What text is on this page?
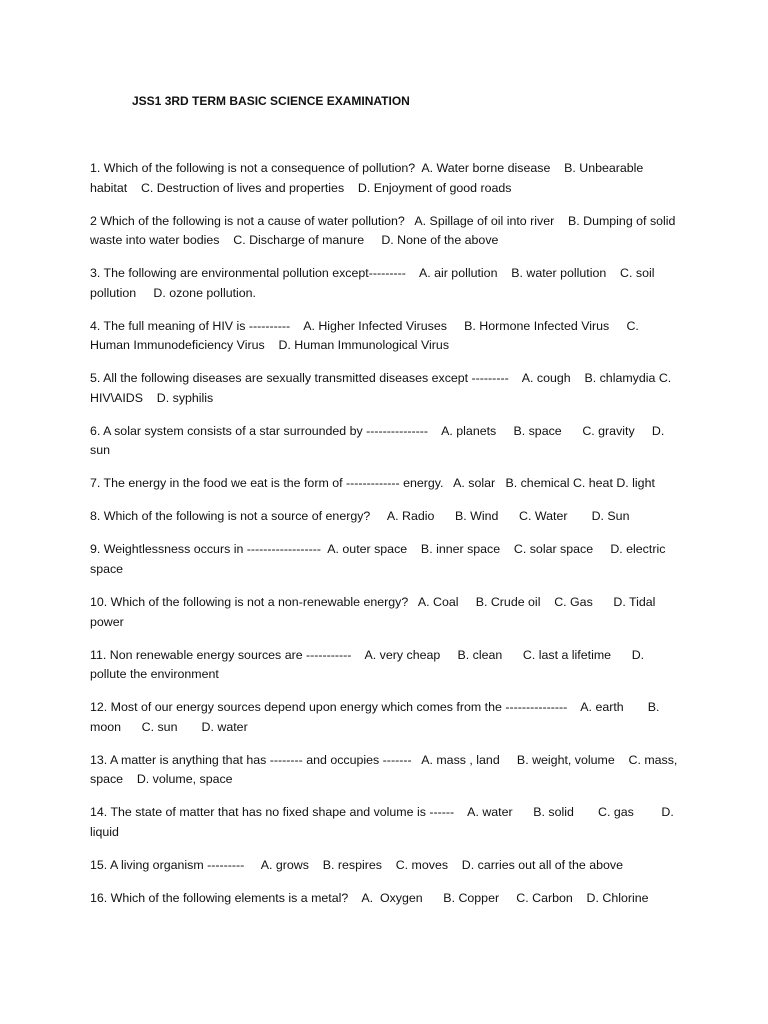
JSS1 3RD TERM BASIC SCIENCE EXAMINATION

1. Which of the following is not a consequence of pollution?  A. Water borne disease    B. Unbearable habitat    C. Destruction of lives and properties    D. Enjoyment of good roads

2 Which of the following is not a cause of water pollution?   A. Spillage of oil into river    B. Dumping of solid waste into water bodies    C. Discharge of manure     D. None of the above

3. The following are environmental pollution except---------    A. air pollution    B. water pollution    C. soil pollution     D. ozone pollution.

4. The full meaning of HIV is ----------    A. Higher Infected Viruses     B. Hormone Infected Virus     C. Human Immunodeficiency Virus    D. Human Immunological Virus

5. All the following diseases are sexually transmitted diseases except ---------    A. cough    B. chlamydia C. HIV\AIDS    D. syphilis

6. A solar system consists of a star surrounded by ---------------    A. planets     B. space      C. gravity     D. sun

7. The energy in the food we eat is the form of ------------- energy.   A. solar   B. chemical C. heat D. light

8. Which of the following is not a source of energy?     A. Radio      B. Wind      C. Water       D. Sun

9. Weightlessness occurs in ------------------  A. outer space    B. inner space    C. solar space     D. electric space

10. Which of the following is not a non-renewable energy?   A. Coal     B. Crude oil    C. Gas      D. Tidal power

11. Non renewable energy sources are -----------    A. very cheap     B. clean      C. last a lifetime      D. pollute the environment

12. Most of our energy sources depend upon energy which comes from the ---------------    A. earth       B. moon      C. sun       D. water

13. A matter is anything that has -------- and occupies -------   A. mass , land     B. weight, volume    C. mass, space    D. volume, space

14. The state of matter that has no fixed shape and volume is ------    A. water      B. solid       C. gas        D. liquid

15. A living organism ---------     A. grows    B. respires    C. moves    D. carries out all of the above

16. Which of the following elements is a metal?    A.  Oxygen      B. Copper     C. Carbon    D. Chlorine
